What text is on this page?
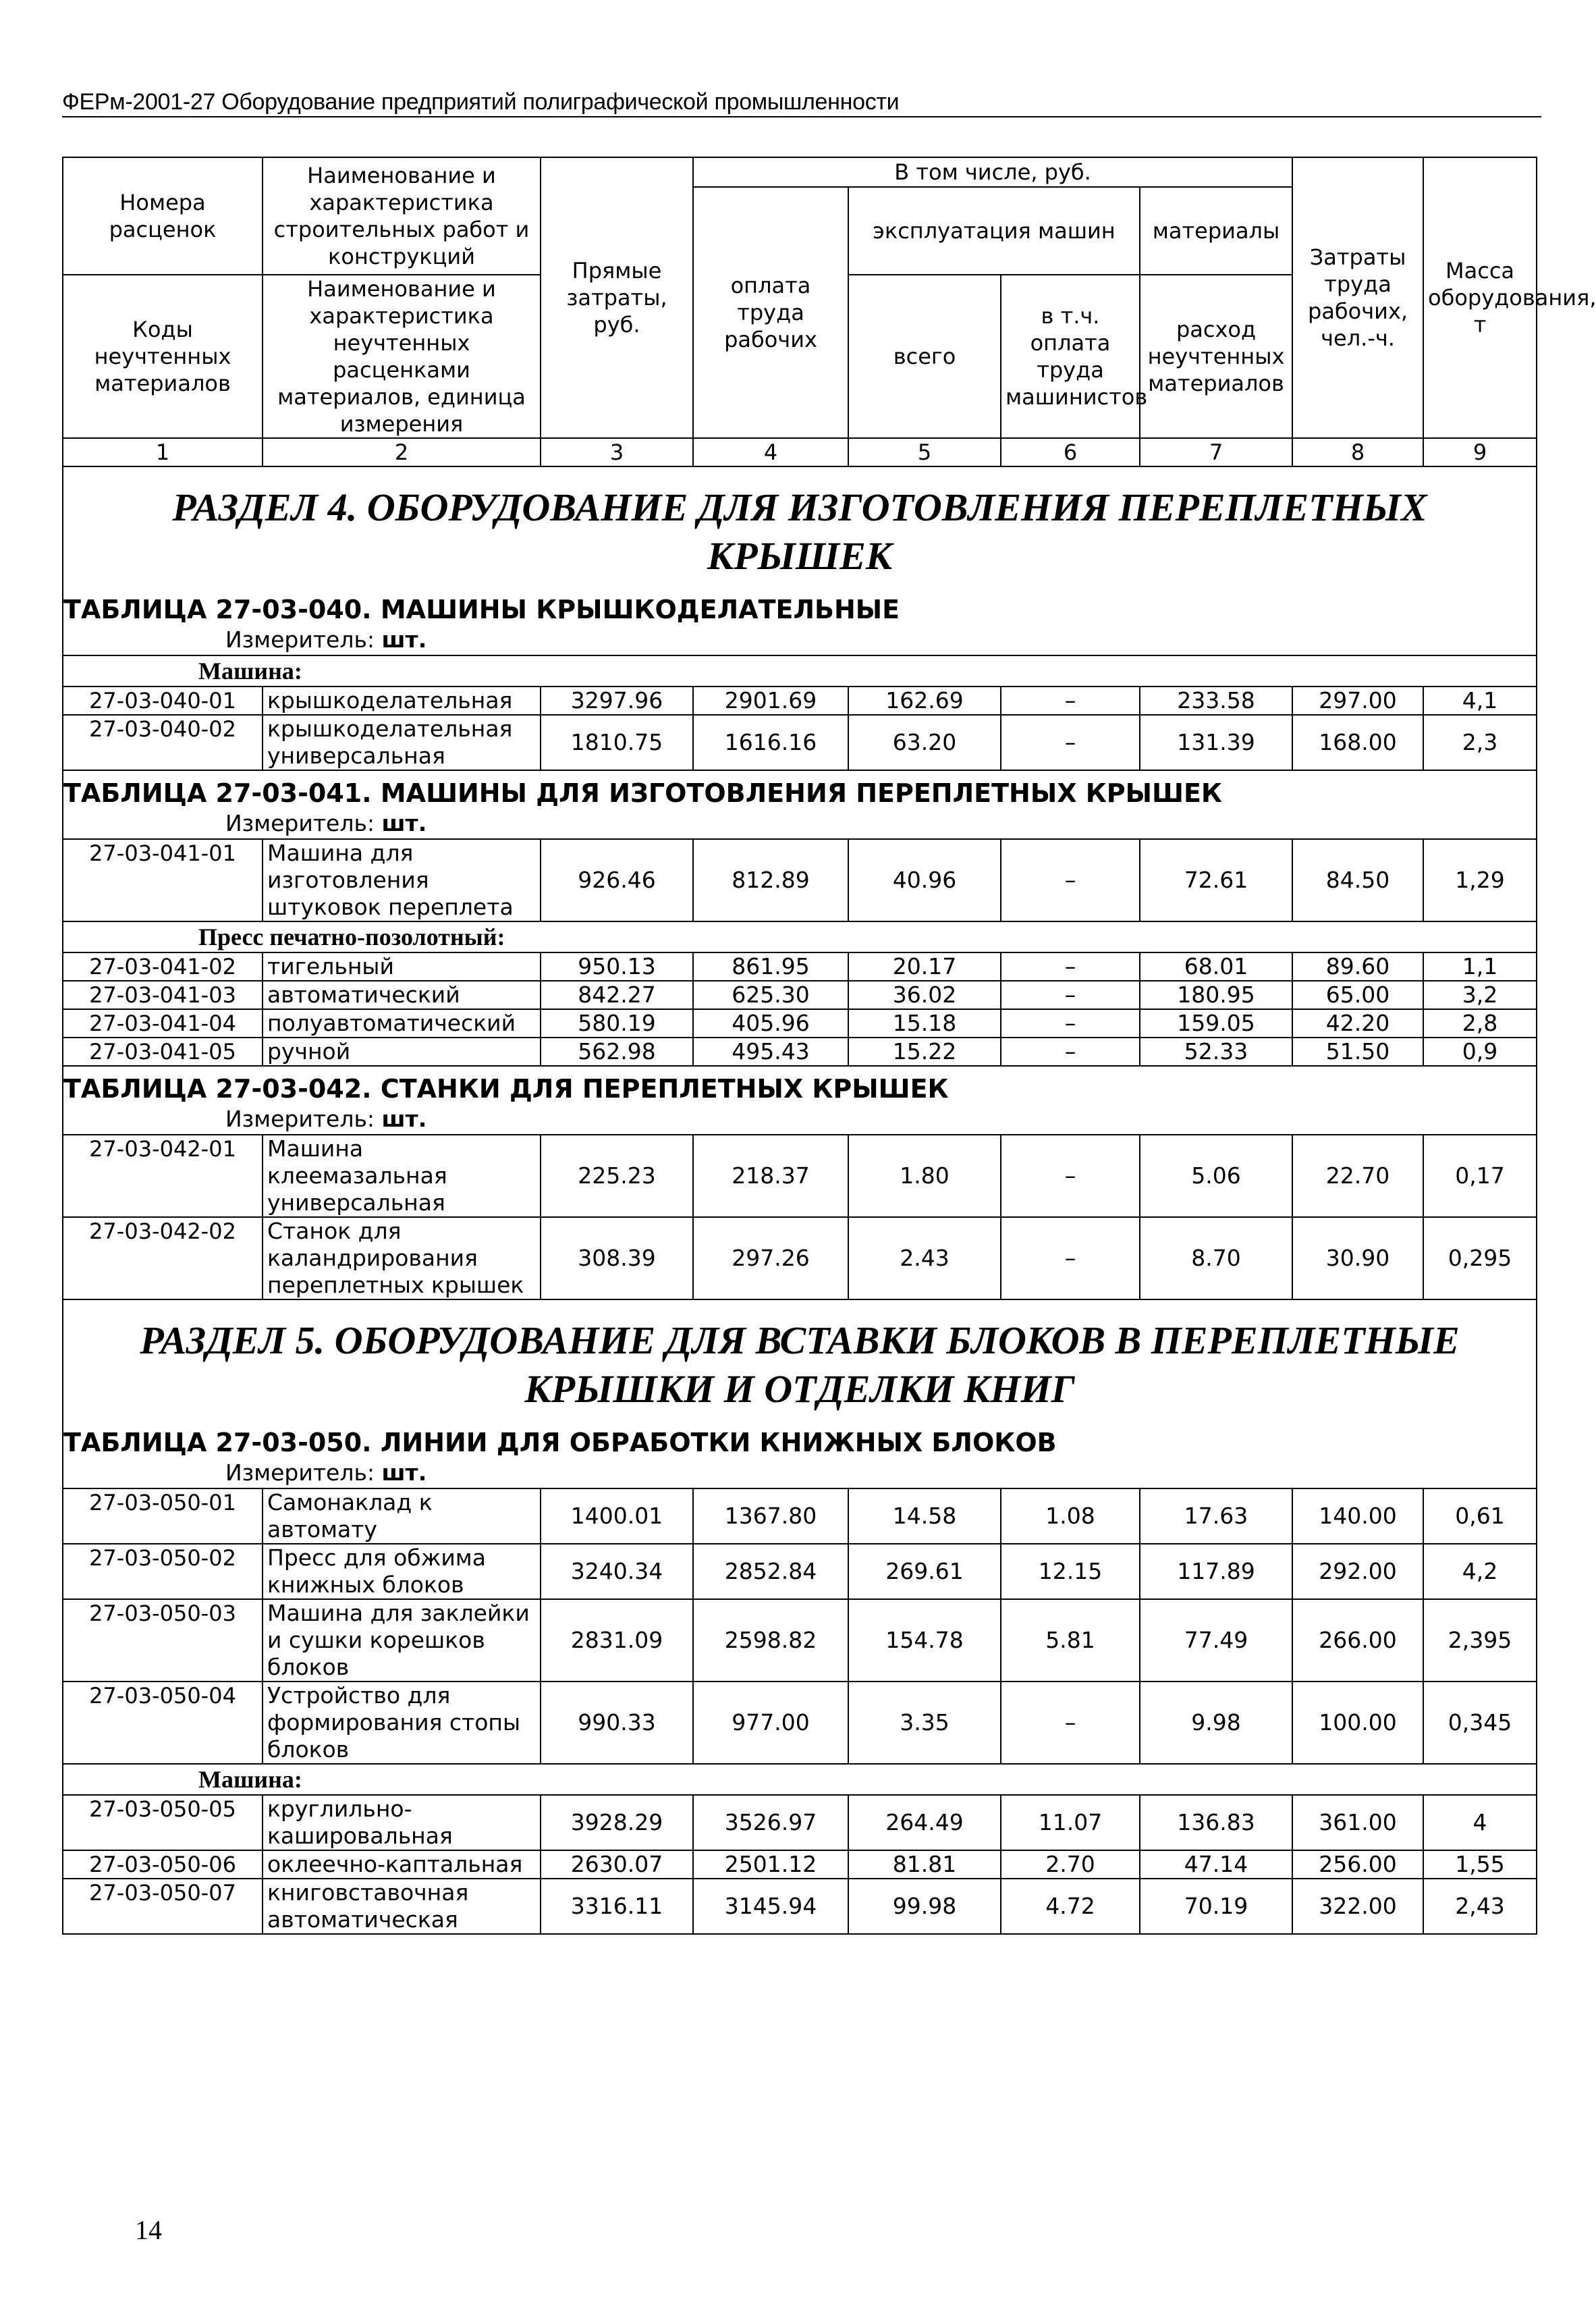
ФЕРм-2001-27 Оборудование предприятий полиграфической промышленности
Номера расценок	Наименование и характеристика строительных работ и конструкций	Прямые затраты, руб.	В том числе, руб.				Затраты труда рабочих, чел.-ч.	Масса оборудования, т
			оплата труда рабочих	эксплуатация машин		материалы		
Коды неучтенных материалов	Наименование и характеристика неучтенных расценками материалов, единица измерения			всего	в т.ч. оплата труда машинистов	расход неучтенных материалов		

1	2	3	4	5	6	7	8	9
РАЗДЕЛ 4. ОБОРУДОВАНИЕ ДЛЯ ИЗГОТОВЛЕНИЯ ПЕРЕПЛЕТНЫХ КРЫШЕК								
ТАБЛИЦА 27-03-040. МАШИНЫ КРЫШКОДЕЛАТЕЛЬНЫЕ								
Измеритель: шт.								
Машина:								
27-03-040-01	крышкоделательная	3297.96	2901.69	162.69	–	233.58	297.00	4,1
27-03-040-02	крышкоделательная универсальная	1810.75	1616.16	63.20	–	131.39	168.00	2,3
ТАБЛИЦА 27-03-041. МАШИНЫ ДЛЯ ИЗГОТОВЛЕНИЯ ПЕРЕПЛЕТНЫХ КРЫШЕК								
Измеритель: шт.								
27-03-041-01	Машина для изготовления штуковок переплета	926.46	812.89	40.96	–	72.61	84.50	1,29
Пресс печатно-позолотный:								
27-03-041-02	тигельный	950.13	861.95	20.17	–	68.01	89.60	1,1
27-03-041-03	автоматический	842.27	625.30	36.02	–	180.95	65.00	3,2
27-03-041-04	полуавтоматический	580.19	405.96	15.18	–	159.05	42.20	2,8
27-03-041-05	ручной	562.98	495.43	15.22	–	52.33	51.50	0,9
ТАБЛИЦА 27-03-042. СТАНКИ ДЛЯ ПЕРЕПЛЕТНЫХ КРЫШЕК								
Измеритель: шт.								
27-03-042-01	Машина клеемазальная универсальная	225.23	218.37	1.80	–	5.06	22.70	0,17
27-03-042-02	Станок для каландрирования переплетных крышек	308.39	297.26	2.43	–	8.70	30.90	0,295
РАЗДЕЛ 5. ОБОРУДОВАНИЕ ДЛЯ ВСТАВКИ БЛОКОВ В ПЕРЕПЛЕТНЫЕ КРЫШКИ И ОТДЕЛКИ КНИГ								
ТАБЛИЦА 27-03-050. ЛИНИИ ДЛЯ ОБРАБОТКИ КНИЖНЫХ БЛОКОВ								
Измеритель: шт.								
27-03-050-01	Самонаклад к автомату	1400.01	1367.80	14.58	1.08	17.63	140.00	0,61
27-03-050-02	Пресс для обжима книжных блоков	3240.34	2852.84	269.61	12.15	117.89	292.00	4,2
27-03-050-03	Машина для заклейки и сушки корешков блоков	2831.09	2598.82	154.78	5.81	77.49	266.00	2,395
27-03-050-04	Устройство для формирования стопы блоков	990.33	977.00	3.35	–	9.98	100.00	0,345
Машина:								
27-03-050-05	круглильно-кашировальная	3928.29	3526.97	264.49	11.07	136.83	361.00	4
27-03-050-06	оклеечно-каптальная	2630.07	2501.12	81.81	2.70	47.14	256.00	1,55
27-03-050-07	книговставочная автоматическая	3316.11	3145.94	99.98	4.72	70.19	322.00	2,43
14
